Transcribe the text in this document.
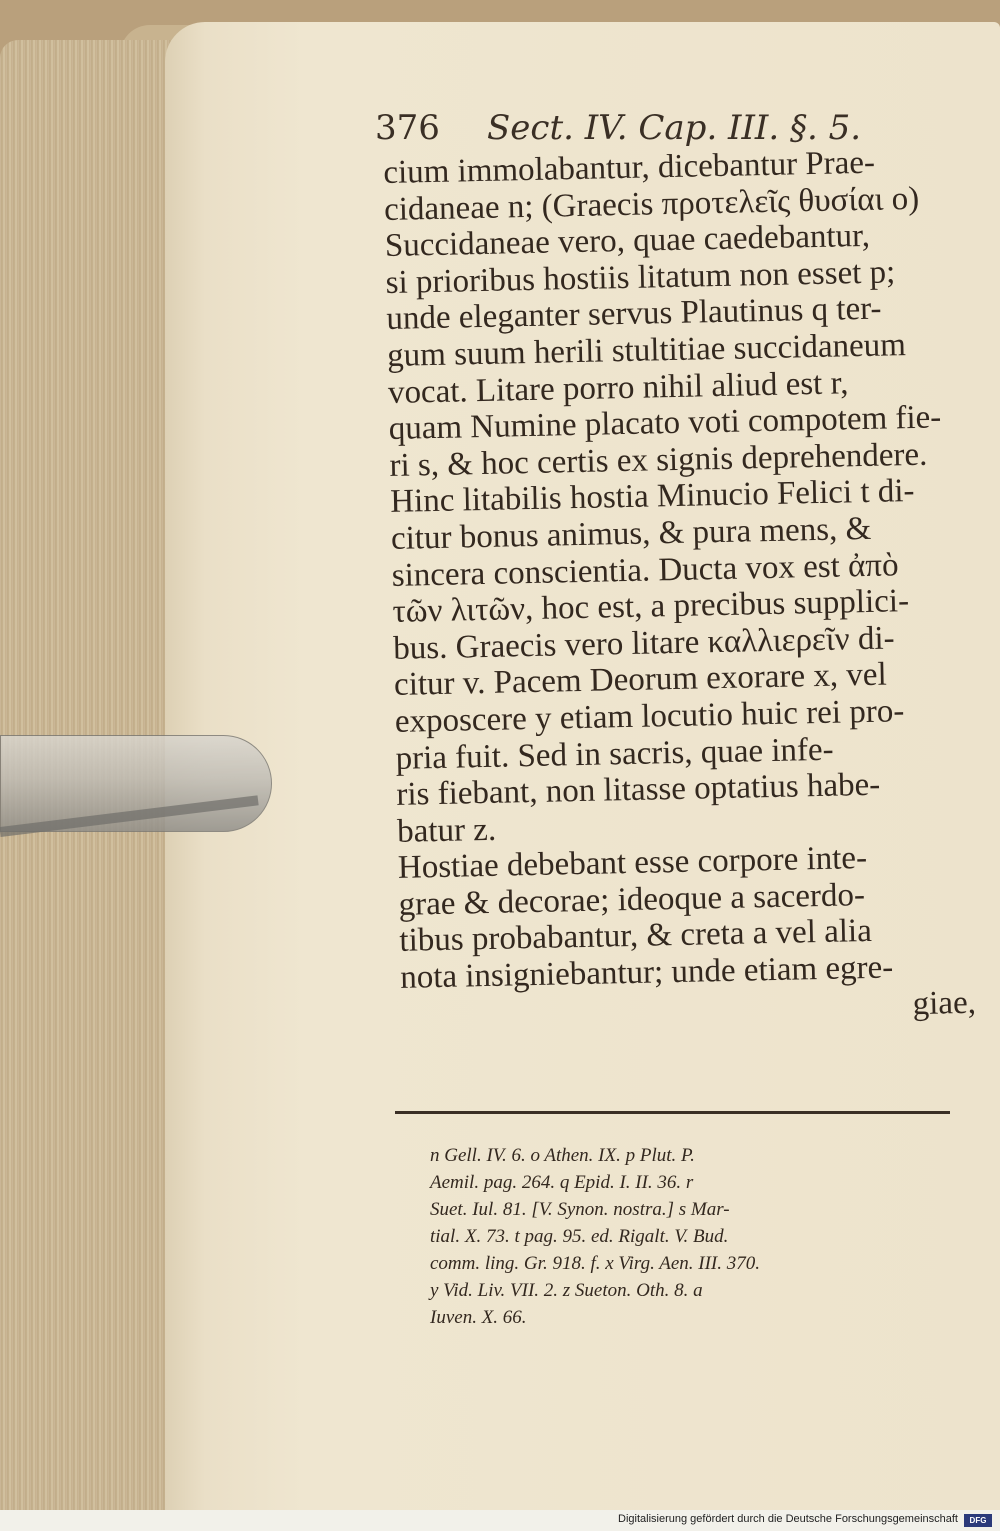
376 Sect. IV. Cap. III. §. 5.
cium immolabantur, dicebantur Prae-
cidaneae n; (Graecis προτελεῖς θυσίαι o)
Succidaneae vero, quae caedebantur,
si prioribus hostiis litatum non esset p;
unde eleganter servus Plautinus q ter-
gum suum herili stultitiae succidaneum
vocat. Litare porro nihil aliud est r,
quam Numine placato voti compotem fie-
ri s, & hoc certis ex signis deprehendere.
Hinc litabilis hostia Minucio Felici t di-
citur bonus animus, & pura mens, &
sincera conscientia. Ducta vox est ἀπὸ
τῶν λιτῶν, hoc est, a precibus supplici-
bus. Graecis vero litare καλλιερεῖν di-
citur v. Pacem Deorum exorare x, vel
exposcere y etiam locutio huic rei pro-
pria fuit. Sed in sacris, quae infe-
ris fiebant, non litasse optatius habe-
batur z.
Hostiae debebant esse corpore inte-
grae & decorae; ideoque a sacerdo-
tibus probabantur, & creta a vel alia
nota insigniebantur; unde etiam egre-
giae,
n Gell. IV. 6. o Athen. IX. p Plut. P.
Aemil. pag. 264. q Epid. I. II. 36. r
Suet. Iul. 81. [V. Synon. nostra.] s Mar-
tial. X. 73. t pag. 95. ed. Rigalt. V. Bud.
comm. ling. Gr. 918. f. x Virg. Aen. III. 370.
y Vid. Liv. VII. 2. z Sueton. Oth. 8. a
Iuven. X. 66.
Digitalisierung gefördert durch die Deutsche Forschungsgemeinschaft	DFG
